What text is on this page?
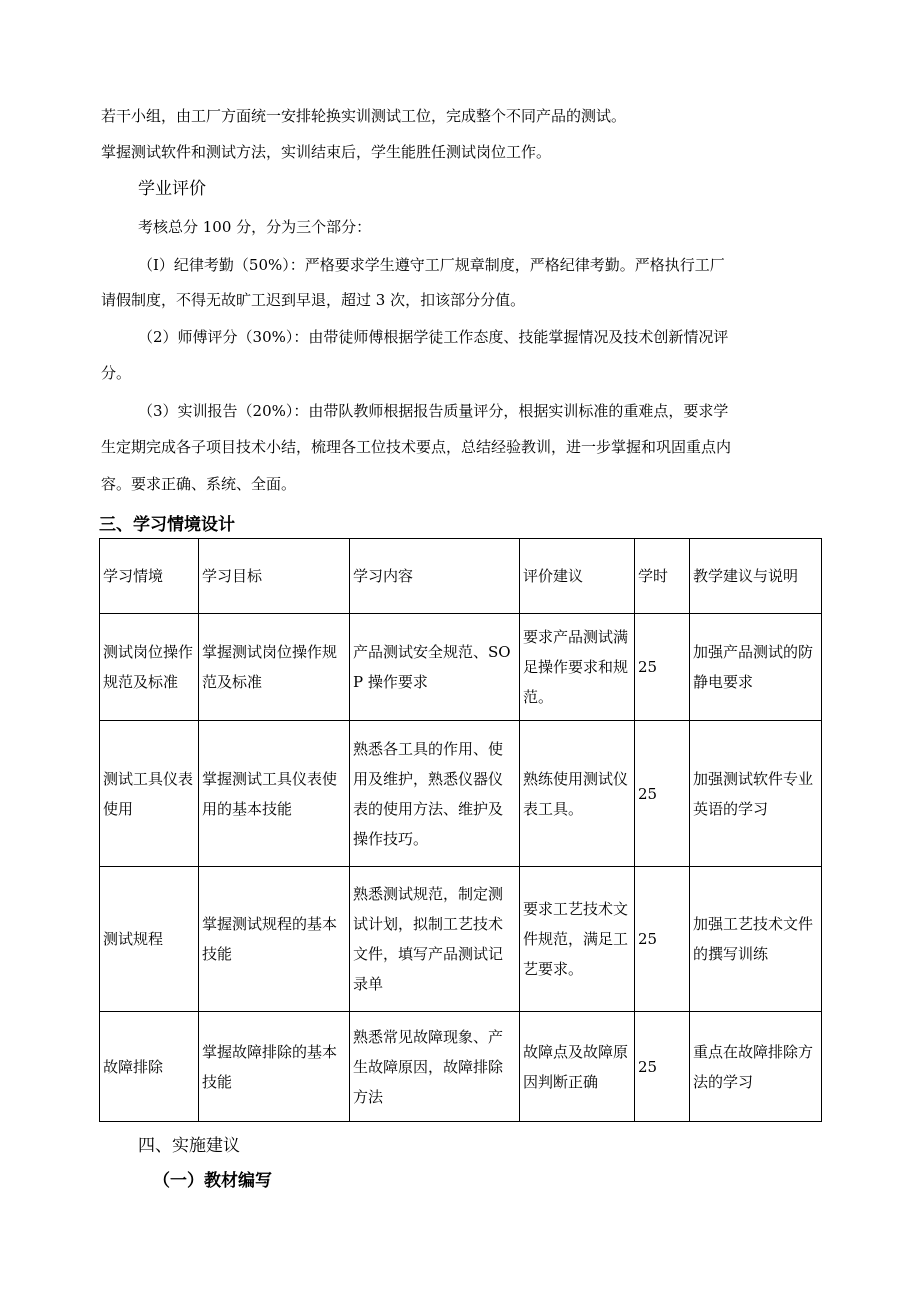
若干小组，由工厂方面统一安排轮换实训测试工位，完成整个不同产品的测试。
掌握测试软件和测试方法，实训结束后，学生能胜任测试岗位工作。
学业评价
考核总分 100 分，分为三个部分：
（I）纪律考勤（50%）：严格要求学生遵守工厂规章制度，严格纪律考勤。严格执行工厂
请假制度，不得无故旷工迟到早退，超过 3 次，扣该部分分值。
（2）师傅评分（30%）：由带徒师傅根据学徒工作态度、技能掌握情况及技术创新情况评
分。
（3）实训报告（20%）：由带队教师根据报告质量评分，根据实训标准的重难点，要求学
生定期完成各子项目技术小结，梳理各工位技术要点，总结经验教训，进一步掌握和巩固重点内
容。要求正确、系统、全面。
三、学习情境设计
学习情境	学习目标	学习内容	评价建议	学时	教学建议与说明
测试岗位操作规范及标准	掌握测试岗位操作规范及标准	产品测试安全规范、SOP 操作要求	要求产品测试满足操作要求和规范。	25	加强产品测试的防静电要求
测试工具仪表使用	掌握测试工具仪表使用的基本技能	熟悉各工具的作用、使用及维护，熟悉仪器仪表的使用方法、维护及操作技巧。	熟练使用测试仪表工具。	25	加强测试软件专业英语的学习
测试规程	掌握测试规程的基本技能	熟悉测试规范，制定测试计划，拟制工艺技术文件，填写产品测试记录单	要求工艺技术文件规范，满足工艺要求。	25	加强工艺技术文件的撰写训练
故障排除	掌握故障排除的基本技能	熟悉常见故障现象、产生故障原因，故障排除方法	故障点及故障原因判断正确	25	重点在故障排除方法的学习
四、实施建议
（一）教材编写
